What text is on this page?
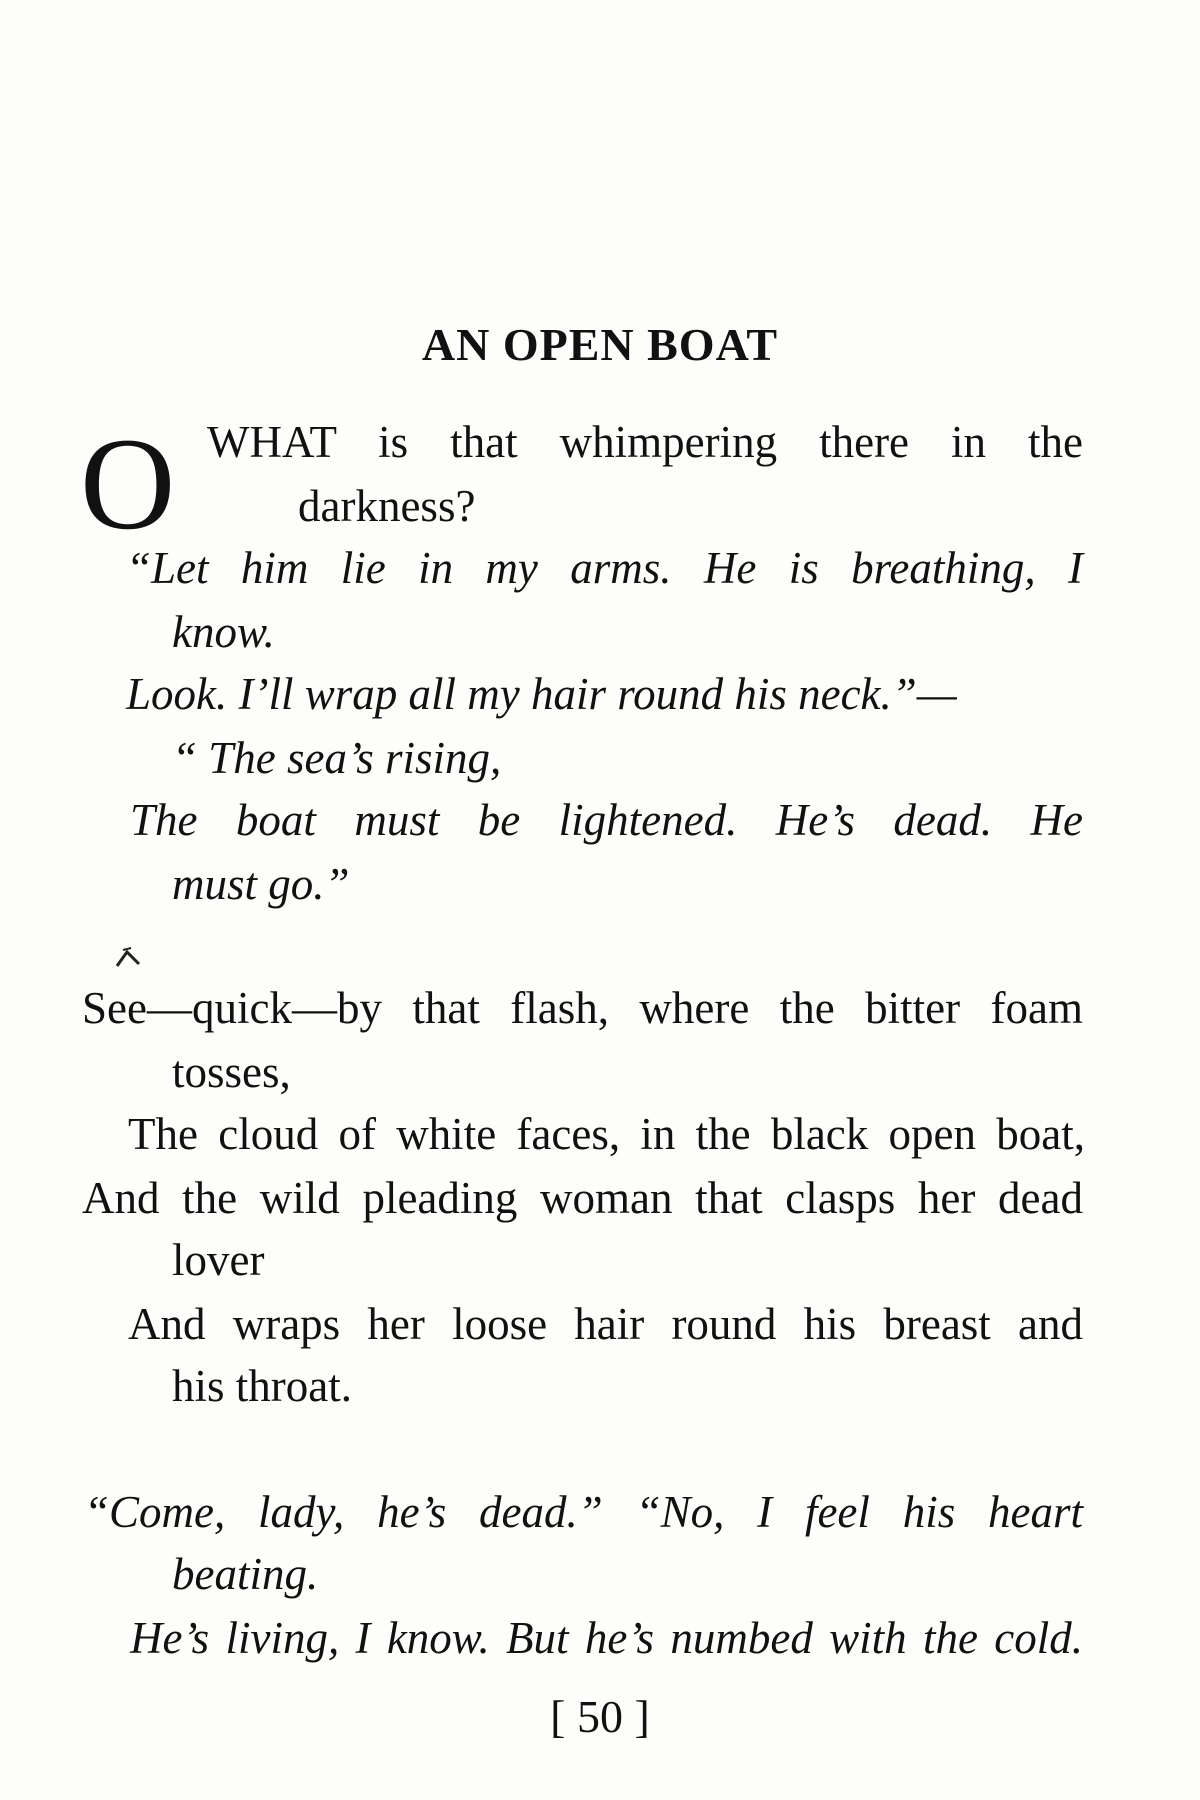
AN OPEN BOAT
O WHAT is that whimpering there in the

darkness?

“Let him lie in my arms. He is breathing, I

know.

Look. I’ll wrap all my hair round his neck.”—

“ The sea’s rising,

The boat must be lightened. He’s dead. He

must go.”

See—quick—by that flash, where the bitter foam

tosses,

The cloud of white faces, in the black open boat,

And the wild pleading woman that clasps her dead

lover

And wraps her loose hair round his breast and

his throat.

“Come, lady, he’s dead.” “No, I feel his heart

beating.

He’s living, I know. But he’s numbed with the cold.

[ 50 ]
